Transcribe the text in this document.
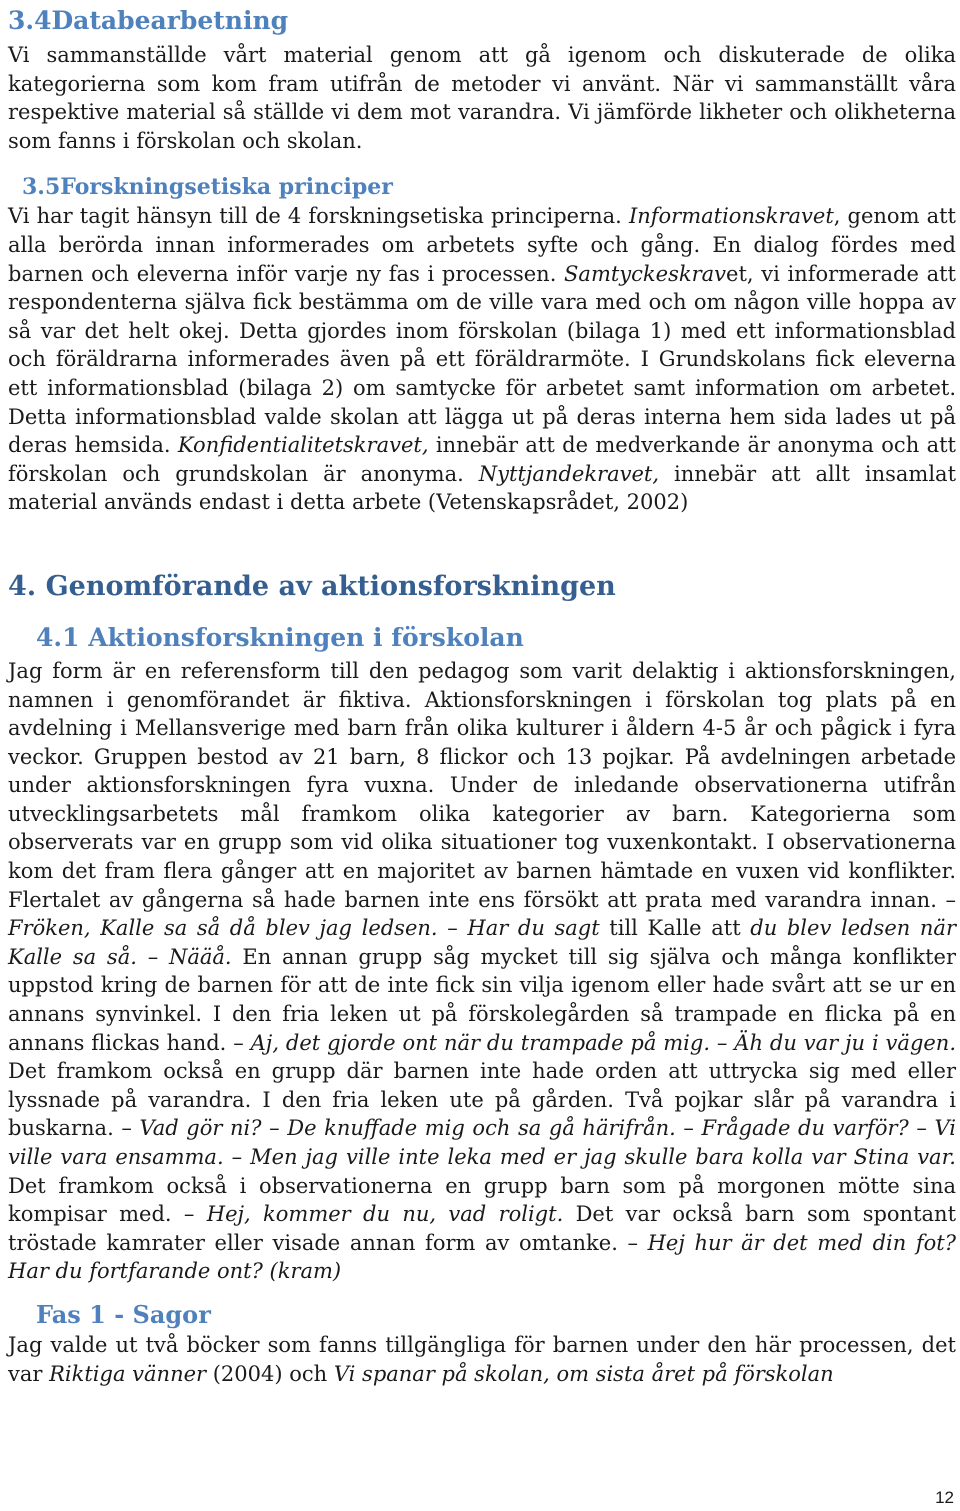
3.4Databearbetning

Vi sammanställde vårt material genom att gå igenom och diskuterade de olika kategorierna som kom fram utifrån de metoder vi använt. När vi sammanställt våra respektive material så ställde vi dem mot varandra. Vi jämförde likheter och olikheterna som fanns i förskolan och skolan.

3.5Forskningsetiska principer

Vi har tagit hänsyn till de 4 forskningsetiska principerna. Informationskravet, genom att alla berörda innan informerades om arbetets syfte och gång. En dialog fördes med barnen och eleverna inför varje ny fas i processen. Samtyckeskravet, vi informerade att respondenterna själva fick bestämma om de ville vara med och om någon ville hoppa av så var det helt okej. Detta gjordes inom förskolan (bilaga 1) med ett informationsblad och föräldrarna informerades även på ett föräldrarmöte. I Grundskolans fick eleverna ett informationsblad (bilaga 2) om samtycke för arbetet samt information om arbetet. Detta informationsblad valde skolan att lägga ut på deras interna hem sida lades ut på deras hemsida. Konfidentialitetskravet, innebär att de medverkande är anonyma och att förskolan och grundskolan är anonyma. Nyttjandekravet, innebär att allt insamlat material används endast i detta arbete (Vetenskapsrådet, 2002)

4. Genomförande av aktionsforskningen
4.1 Aktionsforskningen i förskolan

Jag form är en referensform till den pedagog som varit delaktig i aktionsforskningen, namnen i genomförandet är fiktiva. Aktionsforskningen i förskolan tog plats på en avdelning i Mellansverige med barn från olika kulturer i åldern 4-5 år och pågick i fyra veckor. Gruppen bestod av 21 barn, 8 flickor och 13 pojkar. På avdelningen arbetade under aktionsforskningen fyra vuxna. Under de inledande observationerna utifrån utvecklingsarbetets mål framkom olika kategorier av barn. Kategorierna som observerats var en grupp som vid olika situationer tog vuxenkontakt. I observationerna kom det fram flera gånger att en majoritet av barnen hämtade en vuxen vid konflikter. Flertalet av gångerna så hade barnen inte ens försökt att prata med varandra innan. – Fröken, Kalle sa så då blev jag ledsen. – Har du sagt till Kalle att du blev ledsen när Kalle sa så. – Nääå. En annan grupp såg mycket till sig själva och många konflikter uppstod kring de barnen för att de inte fick sin vilja igenom eller hade svårt att se ur en annans synvinkel. I den fria leken ut på förskolegården så trampade en flicka på en annans flickas hand. – Aj, det gjorde ont när du trampade på mig. – Äh du var ju i vägen. Det framkom också en grupp där barnen inte hade orden att uttrycka sig med eller lyssnade på varandra. I den fria leken ute på gården. Två pojkar slår på varandra i buskarna. – Vad gör ni? – De knuffade mig och sa gå härifrån. – Frågade du varför? – Vi ville vara ensamma. – Men jag ville inte leka med er jag skulle bara kolla var Stina var. Det framkom också i observationerna en grupp barn som på morgonen mötte sina kompisar med. – Hej, kommer du nu, vad roligt. Det var också barn som spontant tröstade kamrater eller visade annan form av omtanke. – Hej hur är det med din fot? Har du fortfarande ont? (kram)

Fas 1 - Sagor

Jag valde ut två böcker som fanns tillgängliga för barnen under den här processen, det var Riktiga vänner (2004) och Vi spanar på skolan, om sista året på förskolan

12
